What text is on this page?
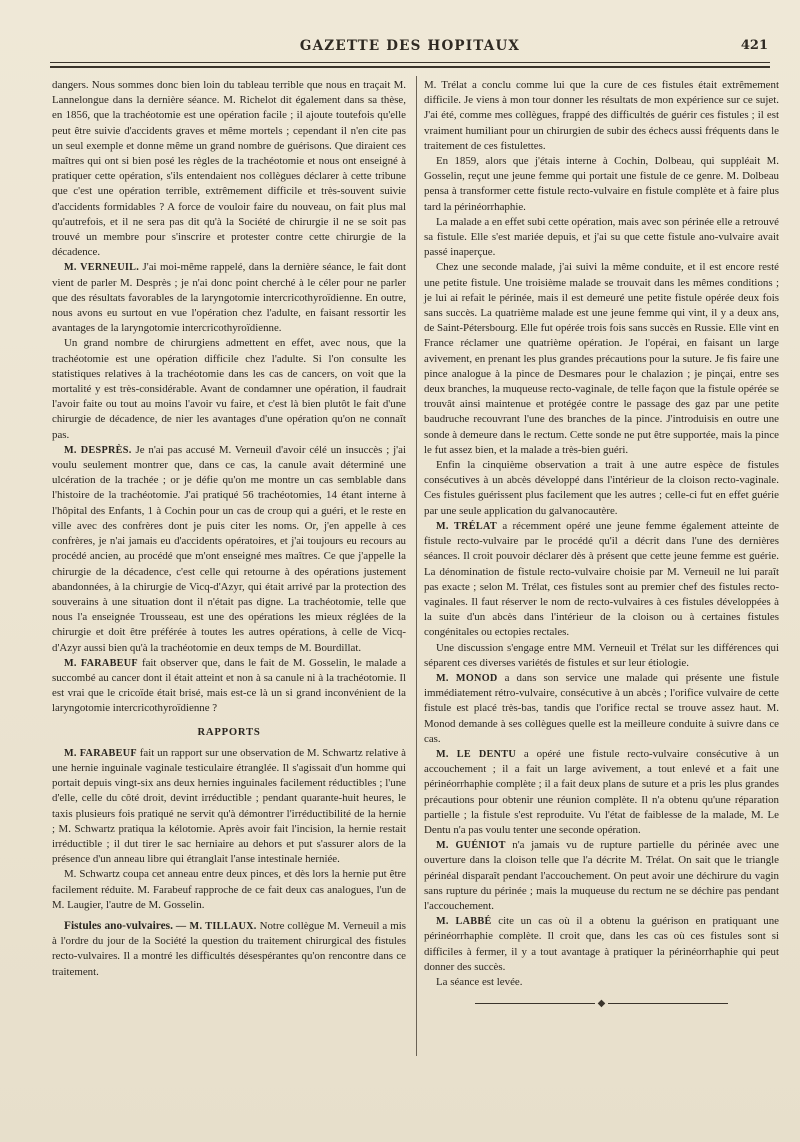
GAZETTE DES HOPITAUX	421

dangers. Nous sommes donc bien loin du tableau terrible que nous en traçait M. Lannelongue dans la dernière séance. M. Richelot dit également dans sa thèse, en 1856, que la trachéotomie est une opération facile ; il ajoute toutefois qu'elle peut être suivie d'accidents graves et même mortels ; cependant il n'en cite pas un seul exemple et donne même un grand nombre de guérisons. Que diraient ces maîtres qui ont si bien posé les règles de la trachéotomie et nous ont enseigné à pratiquer cette opération, s'ils entendaient nos collègues déclarer à cette tribune que c'est une opération terrible, extrêmement difficile et très-souvent suivie d'accidents formidables ? A force de vouloir faire du nouveau, on fait plus mal qu'autrefois, et il ne sera pas dit qu'à la Société de chirurgie il ne se soit pas trouvé un membre pour s'inscrire et protester contre cette chirurgie de la décadence.

M. VERNEUIL. J'ai moi-même rappelé, dans la dernière séance, le fait dont vient de parler M. Desprès ; je n'ai donc point cherché à le céler pour ne parler que des résultats favorables de la laryngotomie intercricothyroïdienne. En outre, nous avons eu surtout en vue l'opération chez l'adulte, en faisant ressortir les avantages de la laryngotomie intercricothyroïdienne.

Un grand nombre de chirurgiens admettent en effet, avec nous, que la trachéotomie est une opération difficile chez l'adulte. Si l'on consulte les statistiques relatives à la trachéotomie dans les cas de cancers, on voit que la mortalité y est très-considérable. Avant de condamner une opération, il faudrait l'avoir faite ou tout au moins l'avoir vu faire, et c'est là bien plutôt le fait d'une chirurgie de décadence, de nier les avantages d'une opération qu'on ne connaît pas.

M. DESPRÈS. Je n'ai pas accusé M. Verneuil d'avoir célé un insuccès ; j'ai voulu seulement montrer que, dans ce cas, la canule avait déterminé une ulcération de la trachée ; or je défie qu'on me montre un cas semblable dans l'histoire de la trachéotomie. J'ai pratiqué 56 trachéotomies, 14 étant interne à l'hôpital des Enfants, 1 à Cochin pour un cas de croup qui a guéri, et le reste en ville avec des confrères dont je puis citer les noms. Or, j'en appelle à ces confrères, je n'ai jamais eu d'accidents opératoires, et j'ai toujours eu recours au procédé ancien, au procédé que m'ont enseigné mes maîtres. Ce que j'appelle la chirurgie de la décadence, c'est celle qui retourne à des opérations justement abandonnées, à la chirurgie de Vicq-d'Azyr, qui était arrivé par la protection des souverains à une situation dont il n'était pas digne. La trachéotomie, telle que nous l'a enseignée Trousseau, est une des opérations les mieux réglées de la chirurgie et doit être préférée à toutes les autres opérations, à celle de Vicq-d'Azyr aussi bien qu'à la trachéotomie en deux temps de M. Bourdillat.

M. FARABEUF fait observer que, dans le fait de M. Gosselin, le malade a succombé au cancer dont il était atteint et non à sa canule ni à la trachéotomie. Il est vrai que le cricoïde était brisé, mais est-ce là un si grand inconvénient de la laryngotomie intercricothyroïdienne ?

RAPPORTS

M. FARABEUF fait un rapport sur une observation de M. Schwartz relative à une hernie inguinale vaginale testiculaire étranglée. Il s'agissait d'un homme qui portait depuis vingt-six ans deux hernies inguinales facilement réductibles ; l'une d'elle, celle du côté droit, devint irréductible ; pendant quarante-huit heures, le taxis plusieurs fois pratiqué ne servit qu'à démontrer l'irréductibilité de la hernie ; M. Schwartz pratiqua la kélotomie. Après avoir fait l'incision, la hernie restait irréductible ; il dut tirer le sac herniaire au dehors et put s'assurer alors de la présence d'un anneau libre qui étranglait l'anse intestinale herniée.

M. Schwartz coupa cet anneau entre deux pinces, et dès lors la hernie put être facilement réduite. M. Farabeuf rapproche de ce fait deux cas analogues, l'un de M. Laugier, l'autre de M. Gosselin.

Fistules ano-vulvaires. — M. TILLAUX. Notre collègue M. Verneuil a mis à l'ordre du jour de la Société la question du traitement chirurgical des fistules recto-vulvaires. Il a montré les difficultés désespérantes qu'on rencontre dans ce traitement.

M. Trélat a conclu comme lui que la cure de ces fistules était extrêmement difficile. Je viens à mon tour donner les résultats de mon expérience sur ce sujet. J'ai été, comme mes collègues, frappé des difficultés de guérir ces fistules ; il est vraiment humiliant pour un chirurgien de subir des échecs aussi fréquents dans le traitement de ces fistulettes.

En 1859, alors que j'étais interne à Cochin, Dolbeau, qui suppléait M. Gosselin, reçut une jeune femme qui portait une fistule de ce genre. M. Dolbeau pensa à transformer cette fistule recto-vulvaire en fistule complète et à faire plus tard la périnéorrhaphie.

La malade a en effet subi cette opération, mais avec son périnée elle a retrouvé sa fistule. Elle s'est mariée depuis, et j'ai su que cette fistule ano-vulvaire avait passé inaperçue.

Chez une seconde malade, j'ai suivi la même conduite, et il est encore resté une petite fistule. Une troisième malade se trouvait dans les mêmes conditions ; je lui ai refait le périnée, mais il est demeuré une petite fistule opérée deux fois sans succès. La quatrième malade est une jeune femme qui vint, il y a deux ans, de Saint-Pétersbourg. Elle fut opérée trois fois sans succès en Russie. Elle vint en France réclamer une quatrième opération. Je l'opérai, en faisant un large avivement, en prenant les plus grandes précautions pour la suture. Je fis faire une pince analogue à la pince de Desmares pour le chalazion ; je pinçai, entre ses deux branches, la muqueuse recto-vaginale, de telle façon que la fistule opérée se trouvât ainsi maintenue et protégée contre le passage des gaz par une petite baudruche recouvrant l'une des branches de la pince. J'introduisis en outre une sonde à demeure dans le rectum. Cette sonde ne put être supportée, mais la pince le fut assez bien, et la malade a très-bien guéri.

Enfin la cinquième observation a trait à une autre espèce de fistules consécutives à un abcès développé dans l'intérieur de la cloison recto-vaginale. Ces fistules guérissent plus facilement que les autres ; celle-ci fut en effet guérie par une seule application du galvanocautère.

M. TRÉLAT a récemment opéré une jeune femme également atteinte de fistule recto-vulvaire par le procédé qu'il a décrit dans l'une des dernières séances. Il croit pouvoir déclarer dès à présent que cette jeune femme est guérie. La dénomination de fistule recto-vulvaire choisie par M. Verneuil ne lui paraît pas exacte ; selon M. Trélat, ces fistules sont au premier chef des fistules recto-vaginales. Il faut réserver le nom de recto-vulvaires à ces fistules développées à la suite d'un abcès dans l'intérieur de la cloison ou à certaines fistules congénitales ou ectopies rectales.

Une discussion s'engage entre MM. Verneuil et Trélat sur les différences qui séparent ces diverses variétés de fistules et sur leur étiologie.

M. MONOD a dans son service une malade qui présente une fistule immédiatement rétro-vulvaire, consécutive à un abcès ; l'orifice vulvaire de cette fistule est placé très-bas, tandis que l'orifice rectal se trouve assez haut. M. Monod demande à ses collègues quelle est la meilleure conduite à suivre dans ce cas.

M. LE DENTU a opéré une fistule recto-vulvaire consécutive à un accouchement ; il a fait un large avivement, a tout enlevé et a fait une périnéorrhaphie complète ; il a fait deux plans de suture et a pris les plus grandes précautions pour obtenir une réunion complète. Il n'a obtenu qu'une réparation partielle ; la fistule s'est reproduite. Vu l'état de faiblesse de la malade, M. Le Dentu n'a pas voulu tenter une seconde opération.

M. GUÉNIOT n'a jamais vu de rupture partielle du périnée avec une ouverture dans la cloison telle que l'a décrite M. Trélat. On sait que le triangle périnéal disparaît pendant l'accouchement. On peut avoir une déchirure du vagin sans rupture du périnée ; mais la muqueuse du rectum ne se déchire pas pendant l'accouchement.

M. LABBÉ cite un cas où il a obtenu la guérison en pratiquant une périnéorrhaphie complète. Il croit que, dans les cas où ces fistules sont si difficiles à fermer, il y a tout avantage à pratiquer la périnéorrhaphie qui peut donner des succès.

La séance est levée.

◆
